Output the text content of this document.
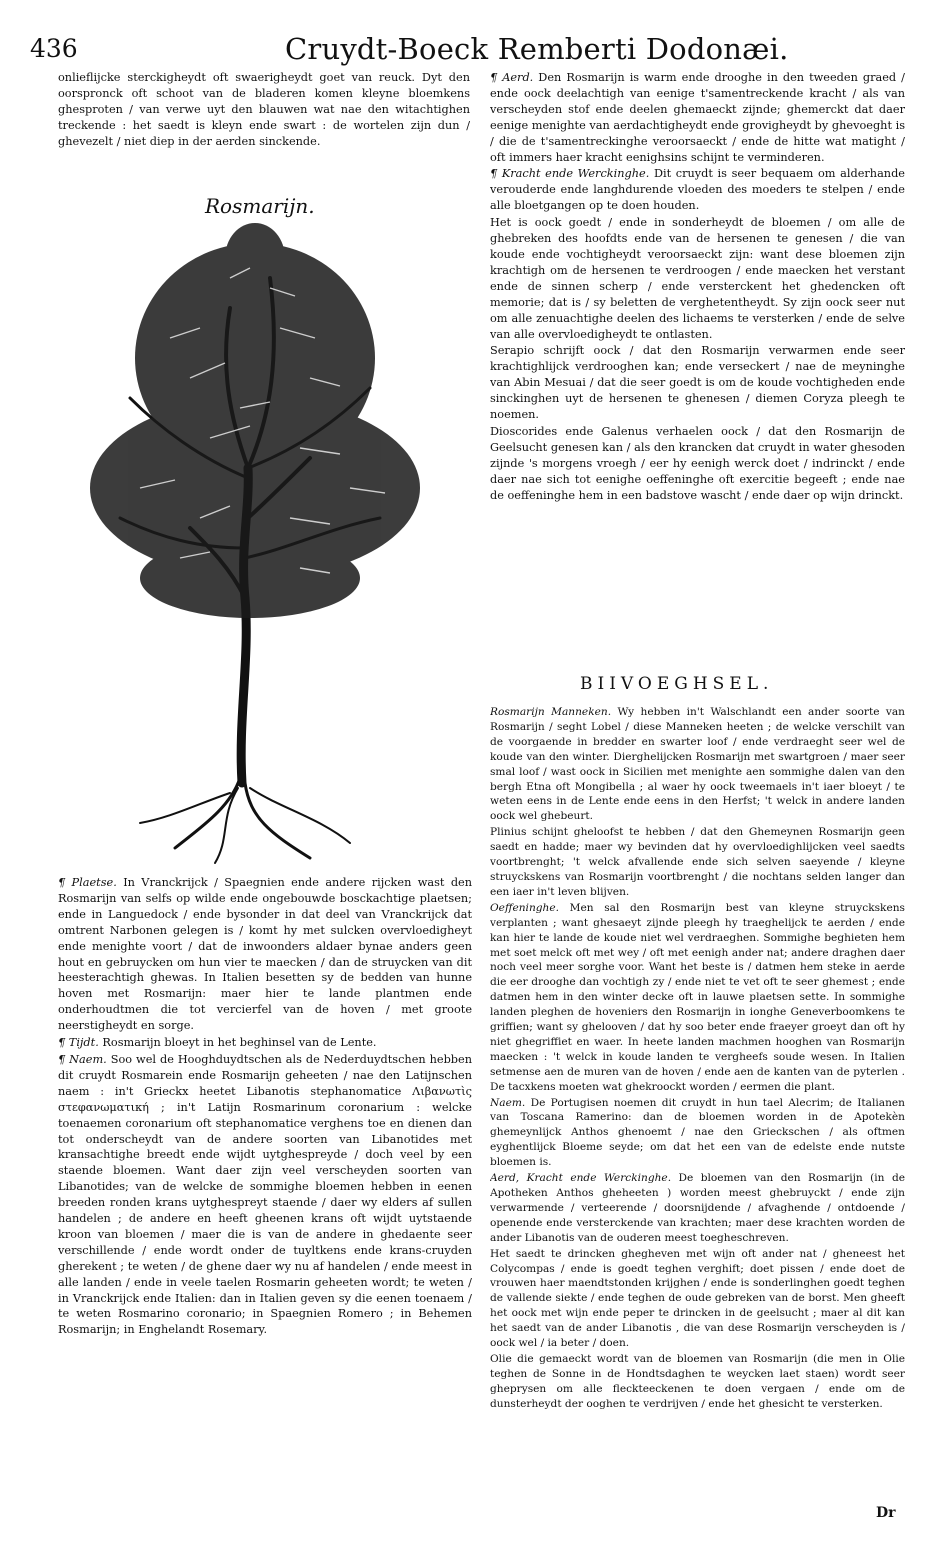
436	Cruydt-Boeck Remberti Dodonæi.

onlieflijcke sterckigheydt oft swaerigheydt goet van reuck. Dyt den oorspronck oft schoot van de bladeren komen kleyne bloemkens ghesproten / van verwe uyt den blauwen wat nae den witachtighen treckende : het saedt is kleyn ende swart : de wortelen zijn dun / ghevezelt / niet diep in der aerden sinckende.

Rosmarijn.

¶ Plaetse. In Vranckrijck / Spaegnien ende andere rijcken wast den Rosmarijn van selfs op wilde ende ongebouwde bosckachtige plaetsen; ende in Languedock / ende bysonder in dat deel van Vranckrijck dat omtrent Narbonen gelegen is / komt hy met sulcken overvloedigheyt ende menighte voort / dat de inwoonders aldaer bynae anders geen hout en gebruycken om hun vier te maecken / dan de struycken van dit heesterachtigh ghewas. In Italien besetten sy de bedden van hunne hoven met Rosmarijn: maer hier te lande plantmen ende onderhoudtmen die tot vercierfel van de hoven / met groote neerstigheydt en sorge.

¶ Tijdt. Rosmarijn bloeyt in het beghinsel van de Lente.

¶ Naem. Soo wel de Hooghduydtschen als de Nederduydtschen hebben dit cruydt Rosmarein ende Rosmarijn geheeten / nae den Latijnschen naem : in't Grieckx heetet Libanotis stephanomatice Λιβανωτὶς στεφανωματική ; in't Latijn Rosmarinum coronarium : welcke toenaemen coronarium oft stephanomatice verghens toe en dienen dan tot onderscheydt van de andere soorten van Libanotides met kransachtighe breedt ende wijdt uytghespreyde / doch veel by een staende bloemen. Want daer zijn veel verscheyden soorten van Libanotides; van de welcke de sommighe bloemen hebben in eenen breeden ronden krans uytghespreyt staende / daer wy elders af sullen handelen ; de andere en heeft gheenen krans oft wijdt uytstaende kroon van bloemen / maer die is van de andere in ghedaente seer verschillende / ende wordt onder de tuyltkens ende krans-cruyden gherekent ; te weten / de ghene daer wy nu af handelen / ende meest in alle landen / ende in veele taelen Rosmarin geheeten wordt; te weten / in Vranckrijck ende Italien: dan in Italien geven sy die eenen toenaem / te weten Rosmarino coronario; in Spaegnien Romero ; in Behemen Rosmarijn; in Enghelandt Rosemary.

¶ Aerd. Den Rosmarijn is warm ende drooghe in den tweeden graed / ende oock deelachtigh van eenige t'samentreckende kracht / als van verscheyden stof ende deelen ghemaeckt zijnde; ghemerckt dat daer eenige menighte van aerdachtigheydt ende grovigheydt by ghevoeght is / die de t'samentreckinghe veroorsaeckt / ende de hitte wat matight / oft immers haer kracht eenighsins schijnt te verminderen.

¶ Kracht ende Werckinghe. Dit cruydt is seer bequaem om alderhande verouderde ende langhdurende vloeden des moeders te stelpen / ende alle bloetgangen op te doen houden.

Het is oock goedt / ende in sonderheydt de bloemen / om alle de ghebreken des hoofdts ende van de hersenen te genesen / die van koude ende vochtigheydt veroorsaeckt zijn: want dese bloemen zijn krachtigh om de hersenen te verdroogen / ende maecken het verstant ende de sinnen scherp / ende versterckent het ghedencken oft memorie; dat is / sy beletten de verghetentheydt. Sy zijn oock seer nut om alle zenuachtighe deelen des lichaems te versterken / ende de selve van alle overvloedigheydt te ontlasten.

Serapio schrijft oock / dat den Rosmarijn verwarmen ende seer krachtighlijck verdrooghen kan; ende verseckert / nae de meyninghe van Abin Mesuai / dat die seer goedt is om de koude vochtigheden ende sinckinghen uyt de hersenen te ghenesen / diemen Coryza pleegh te noemen.

Dioscorides ende Galenus verhaelen oock / dat den Rosmarijn de Geelsucht genesen kan / als den krancken dat cruydt in water ghesoden zijnde 's morgens vroegh / eer hy eenigh werck doet / indrinckt / ende daer nae sich tot eenighe oeffeninghe oft exercitie begeeft ; ende nae de oeffeninghe hem in een badstove wascht / ende daer op wijn drinckt.

BIIVOEGHSEL.

Rosmarijn Manneken. Wy hebben in't Walschlandt een ander soorte van Rosmarijn / seght Lobel / diese Manneken heeten ; de welcke verschilt van de voorgaende in bredder en swarter loof / ende verdraeght seer wel de koude van den winter. Dierghelijcken Rosmarijn met swartgroen / maer seer smal loof / wast oock in Sicilien met menighte aen sommighe dalen van den bergh Etna oft Mongibella ; al waer hy oock tweemaels in't iaer bloeyt / te weten eens in de Lente ende eens in den Herfst; 't welck in andere landen oock wel ghebeurt.

Plinius schijnt gheloofst te hebben / dat den Ghemeynen Rosmarijn geen saedt en hadde; maer wy bevinden dat hy overvloedighlijcken veel saedts voortbrenght; 't welck afvallende ende sich selven saeyende / kleyne struyckskens van Rosmarijn voortbrenght / die nochtans selden langer dan een iaer in't leven blijven.

Oeffeninghe. Men sal den Rosmarijn best van kleyne struyckskens verplanten ; want ghesaeyt zijnde pleegh hy traeghelijck te aerden / ende kan hier te lande de koude niet wel verdraeghen. Sommighe beghieten hem met soet melck oft met wey / oft met eenigh ander nat; andere draghen daer noch veel meer sorghe voor. Want het beste is / datmen hem steke in aerde die eer drooghe dan vochtigh zy / ende niet te vet oft te seer ghemest ; ende datmen hem in den winter decke oft in lauwe plaetsen sette. In sommighe landen pleghen de hoveniers den Rosmarijn in ionghe Geneverboomkens te griffien; want sy ghelooven / dat hy soo beter ende fraeyer groeyt dan oft hy niet ghegriffiet en waer. In heete landen machmen hooghen van Rosmarijn maecken : 't welck in koude landen te vergheefs soude wesen. In Italien setmense aen de muren van de hoven / ende aen de kanten van de pyterlen . De tacxkens moeten wat ghekroockt worden / eermen die plant.

Naem. De Portugisen noemen dit cruydt in hun tael Alecrim; de Italianen van Toscana Ramerino: dan de bloemen worden in de Apotekèn ghemeynlijck Anthos ghenoemt / nae den Grieckschen / als oftmen eyghentlijck Bloeme seyde; om dat het een van de edelste ende nutste bloemen is.

Aerd, Kracht ende Werckinghe. De bloemen van den Rosmarijn (in de Apotheken Anthos gheheeten ) worden meest ghebruyckt / ende zijn verwarmende / verteerende / doorsnijdende / afvaghende / ontdoende / openende ende versterckende van krachten; maer dese krachten worden de ander Libanotis van de ouderen meest toegheschreven.

Het saedt te drincken ghegheven met wijn oft ander nat / gheneest het Colycompas / ende is goedt teghen verghift; doet pissen / ende doet de vrouwen haer maendtstonden krijghen / ende is sonderlinghen goedt teghen de vallende siekte / ende teghen de oude gebreken van de borst. Men gheeft het oock met wijn ende peper te drincken in de geelsucht ; maer al dit kan het saedt van de ander Libanotis , die van dese Rosmarijn verscheyden is / oock wel / ia beter / doen.

Olie die gemaeckt wordt van de bloemen van Rosmarijn (die men in Olie teghen de Sonne in de Hondtsdaghen te weycken laet staen) wordt seer gheprysen om alle fleckteeckenen te doen vergaen / ende om de dunsterheydt der ooghen te verdrijven / ende het ghesicht te versterken.

Dr
